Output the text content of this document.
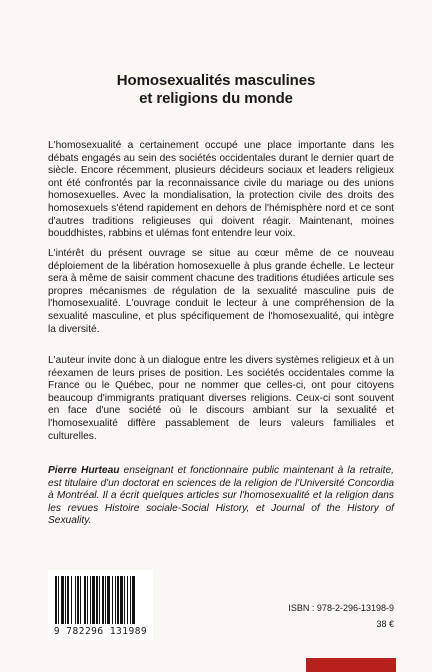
Homosexualités masculines
et religions du monde
L'homosexualité a certainement occupé une place importante dans les débats engagés au sein des sociétés occidentales durant le dernier quart de siècle. Encore récemment, plusieurs décideurs sociaux et leaders religieux ont été confrontés par la reconnaissance civile du mariage ou des unions homosexuelles. Avec la mondialisation, la protection civile des droits des homosexuels s'étend rapidement en dehors de l'hémisphère nord et ce sont d'autres traditions religieuses qui doivent réagir. Maintenant, moines bouddhistes, rabbins et ulémas font entendre leur voix.
L'intérêt du présent ouvrage se situe au cœur même de ce nouveau déploiement de la libération homosexuelle à plus grande échelle. Le lecteur sera à même de saisir comment chacune des traditions étudiées articule ses propres mécanismes de régulation de la sexualité masculine puis de l'homosexualité. L'ouvrage conduit le lecteur à une compréhension de la sexualité masculine, et plus spécifiquement de l'homosexualité, qui intègre la diversité.
L'auteur invite donc à un dialogue entre les divers systèmes religieux et à un réexamen de leurs prises de position. Les sociétés occidentales comme la France ou le Québec, pour ne nommer que celles-ci, ont pour citoyens beaucoup d'immigrants pratiquant diverses religions. Ceux-ci sont souvent en face d'une société où le discours ambiant sur la sexualité et l'homosexualité diffère passablement de leurs valeurs familiales et culturelles.
Pierre Hurteau enseignant et fonctionnaire public maintenant à la retraite, est titulaire d'un doctorat en sciences de la religion de l'Université Concordia à Montréal. Il a écrit quelques articles sur l'homosexualité et la religion dans les revues Histoire sociale-Social History, et Journal of the History of Sexuality.
9 782296 131989
ISBN : 978-2-296-13198-9
38 €
